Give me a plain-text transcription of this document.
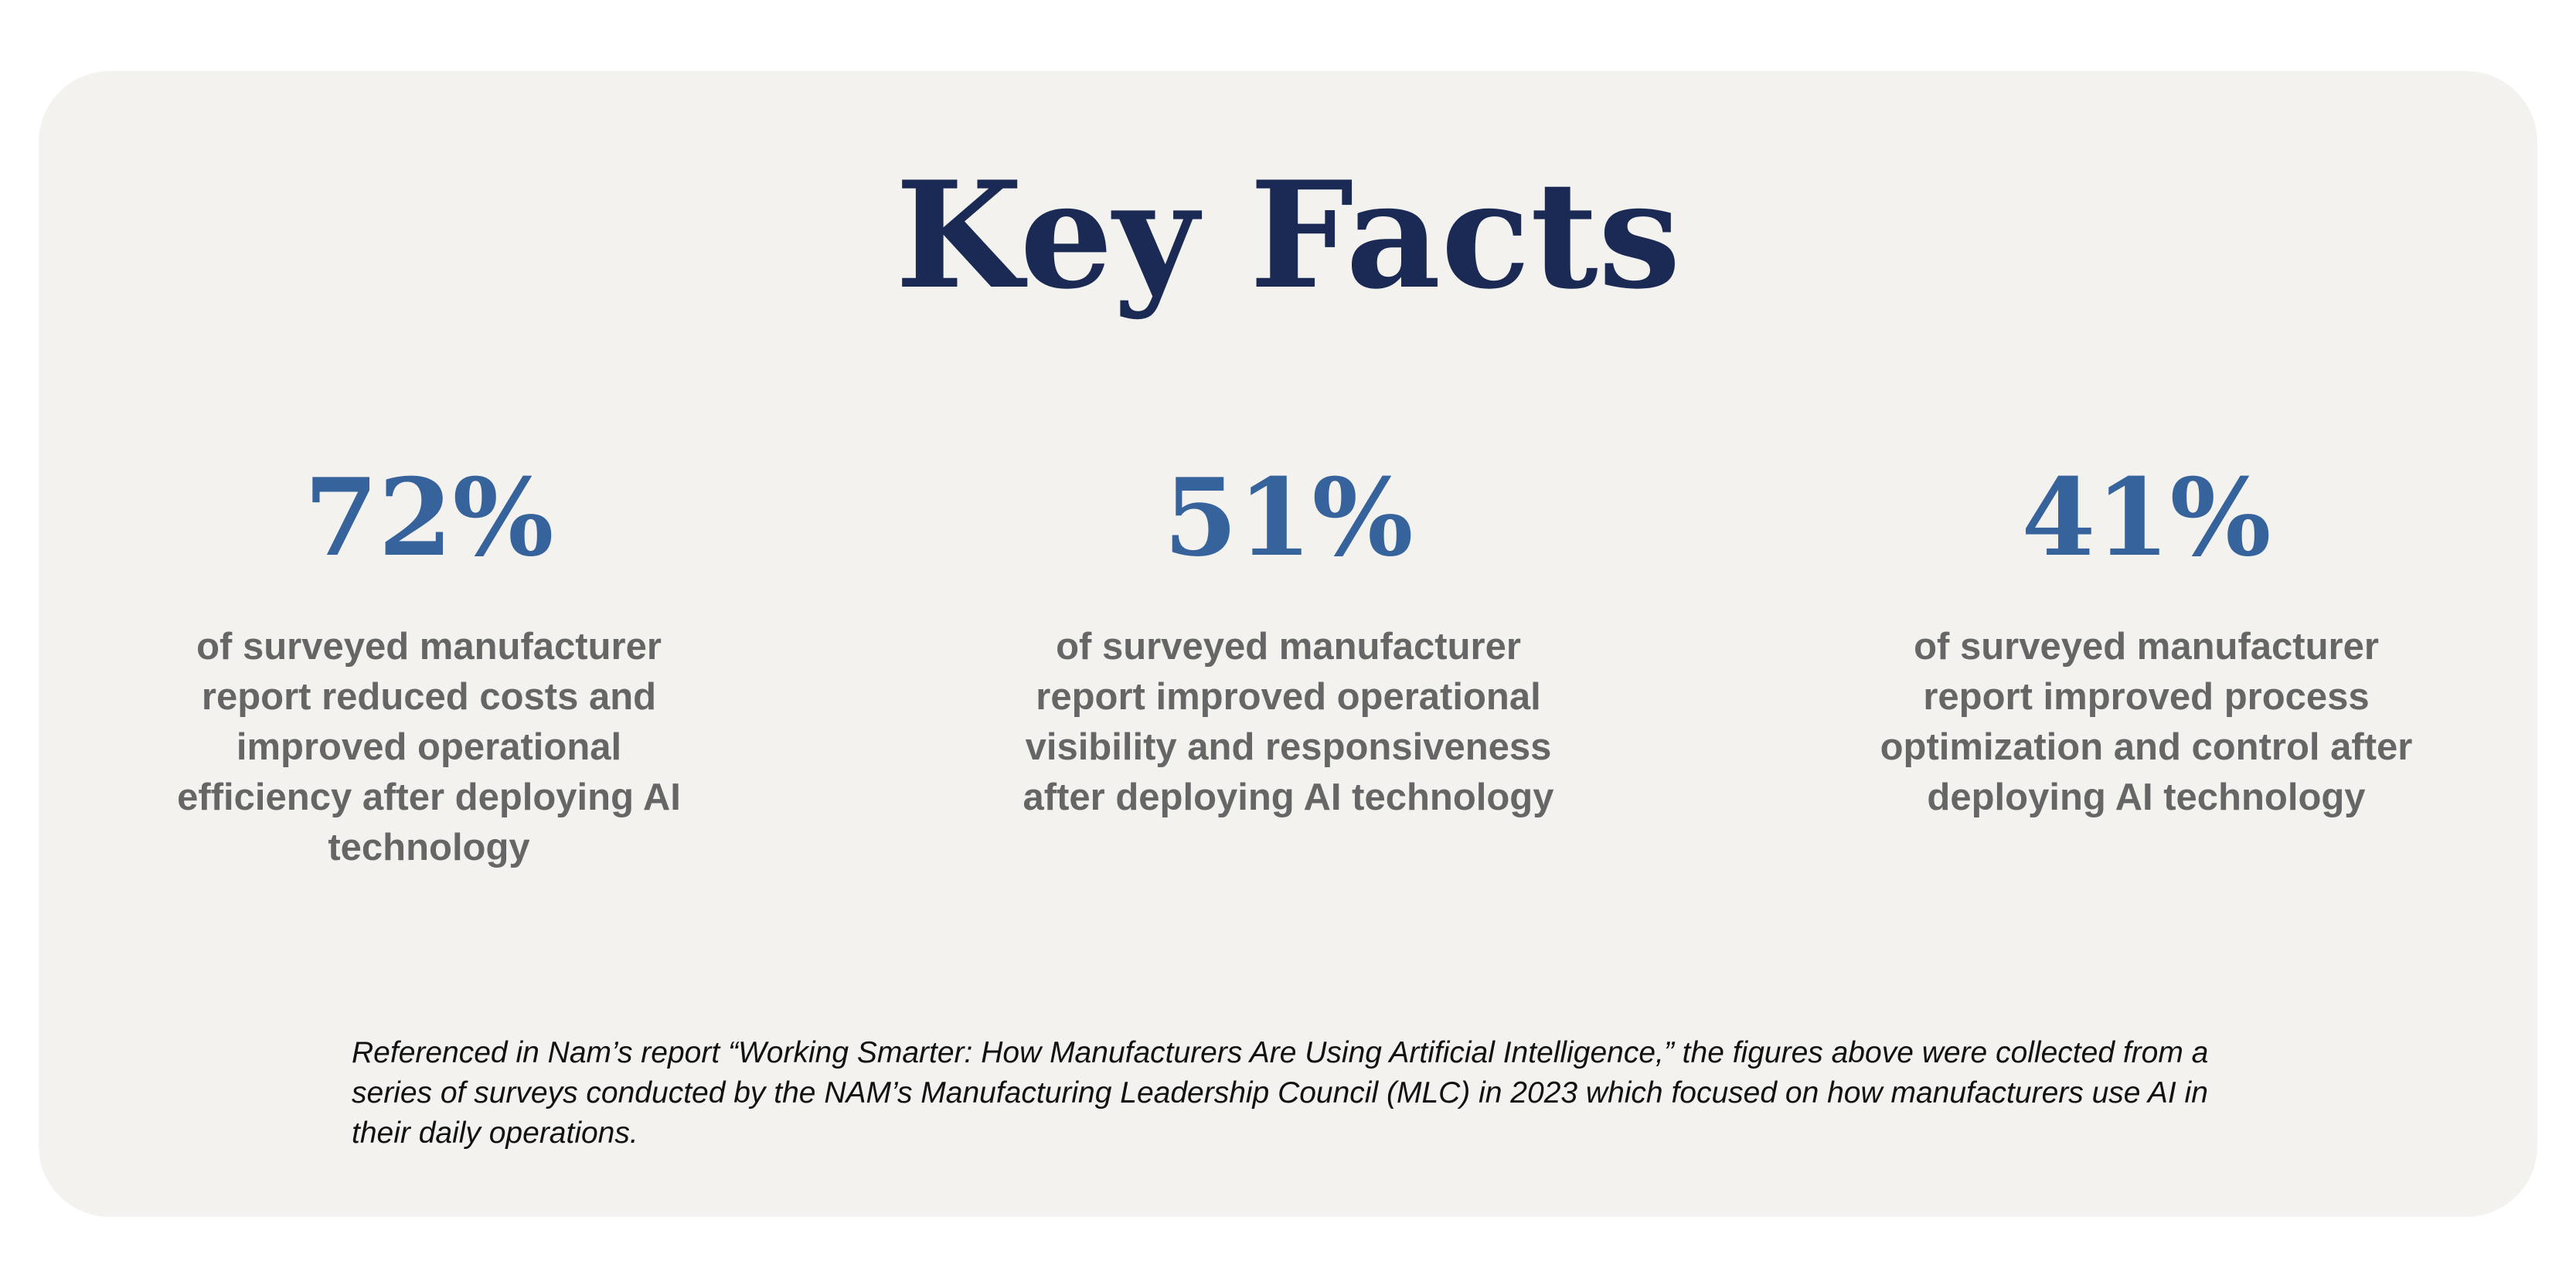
Key Facts
72%
of surveyed manufacturer report reduced costs and improved operational efficiency after deploying AI technology
51%
of surveyed manufacturer report improved operational visibility and responsiveness after deploying AI technology
41%
of surveyed manufacturer report improved process optimization and control after deploying AI technology

Referenced in Nam’s report “Working Smarter: How Manufacturers Are Using Artificial Intelligence,” the figures above were collected from a series of surveys conducted by the NAM’s Manufacturing Leadership Council (MLC) in 2023 which focused on how manufacturers use AI in their daily operations.
